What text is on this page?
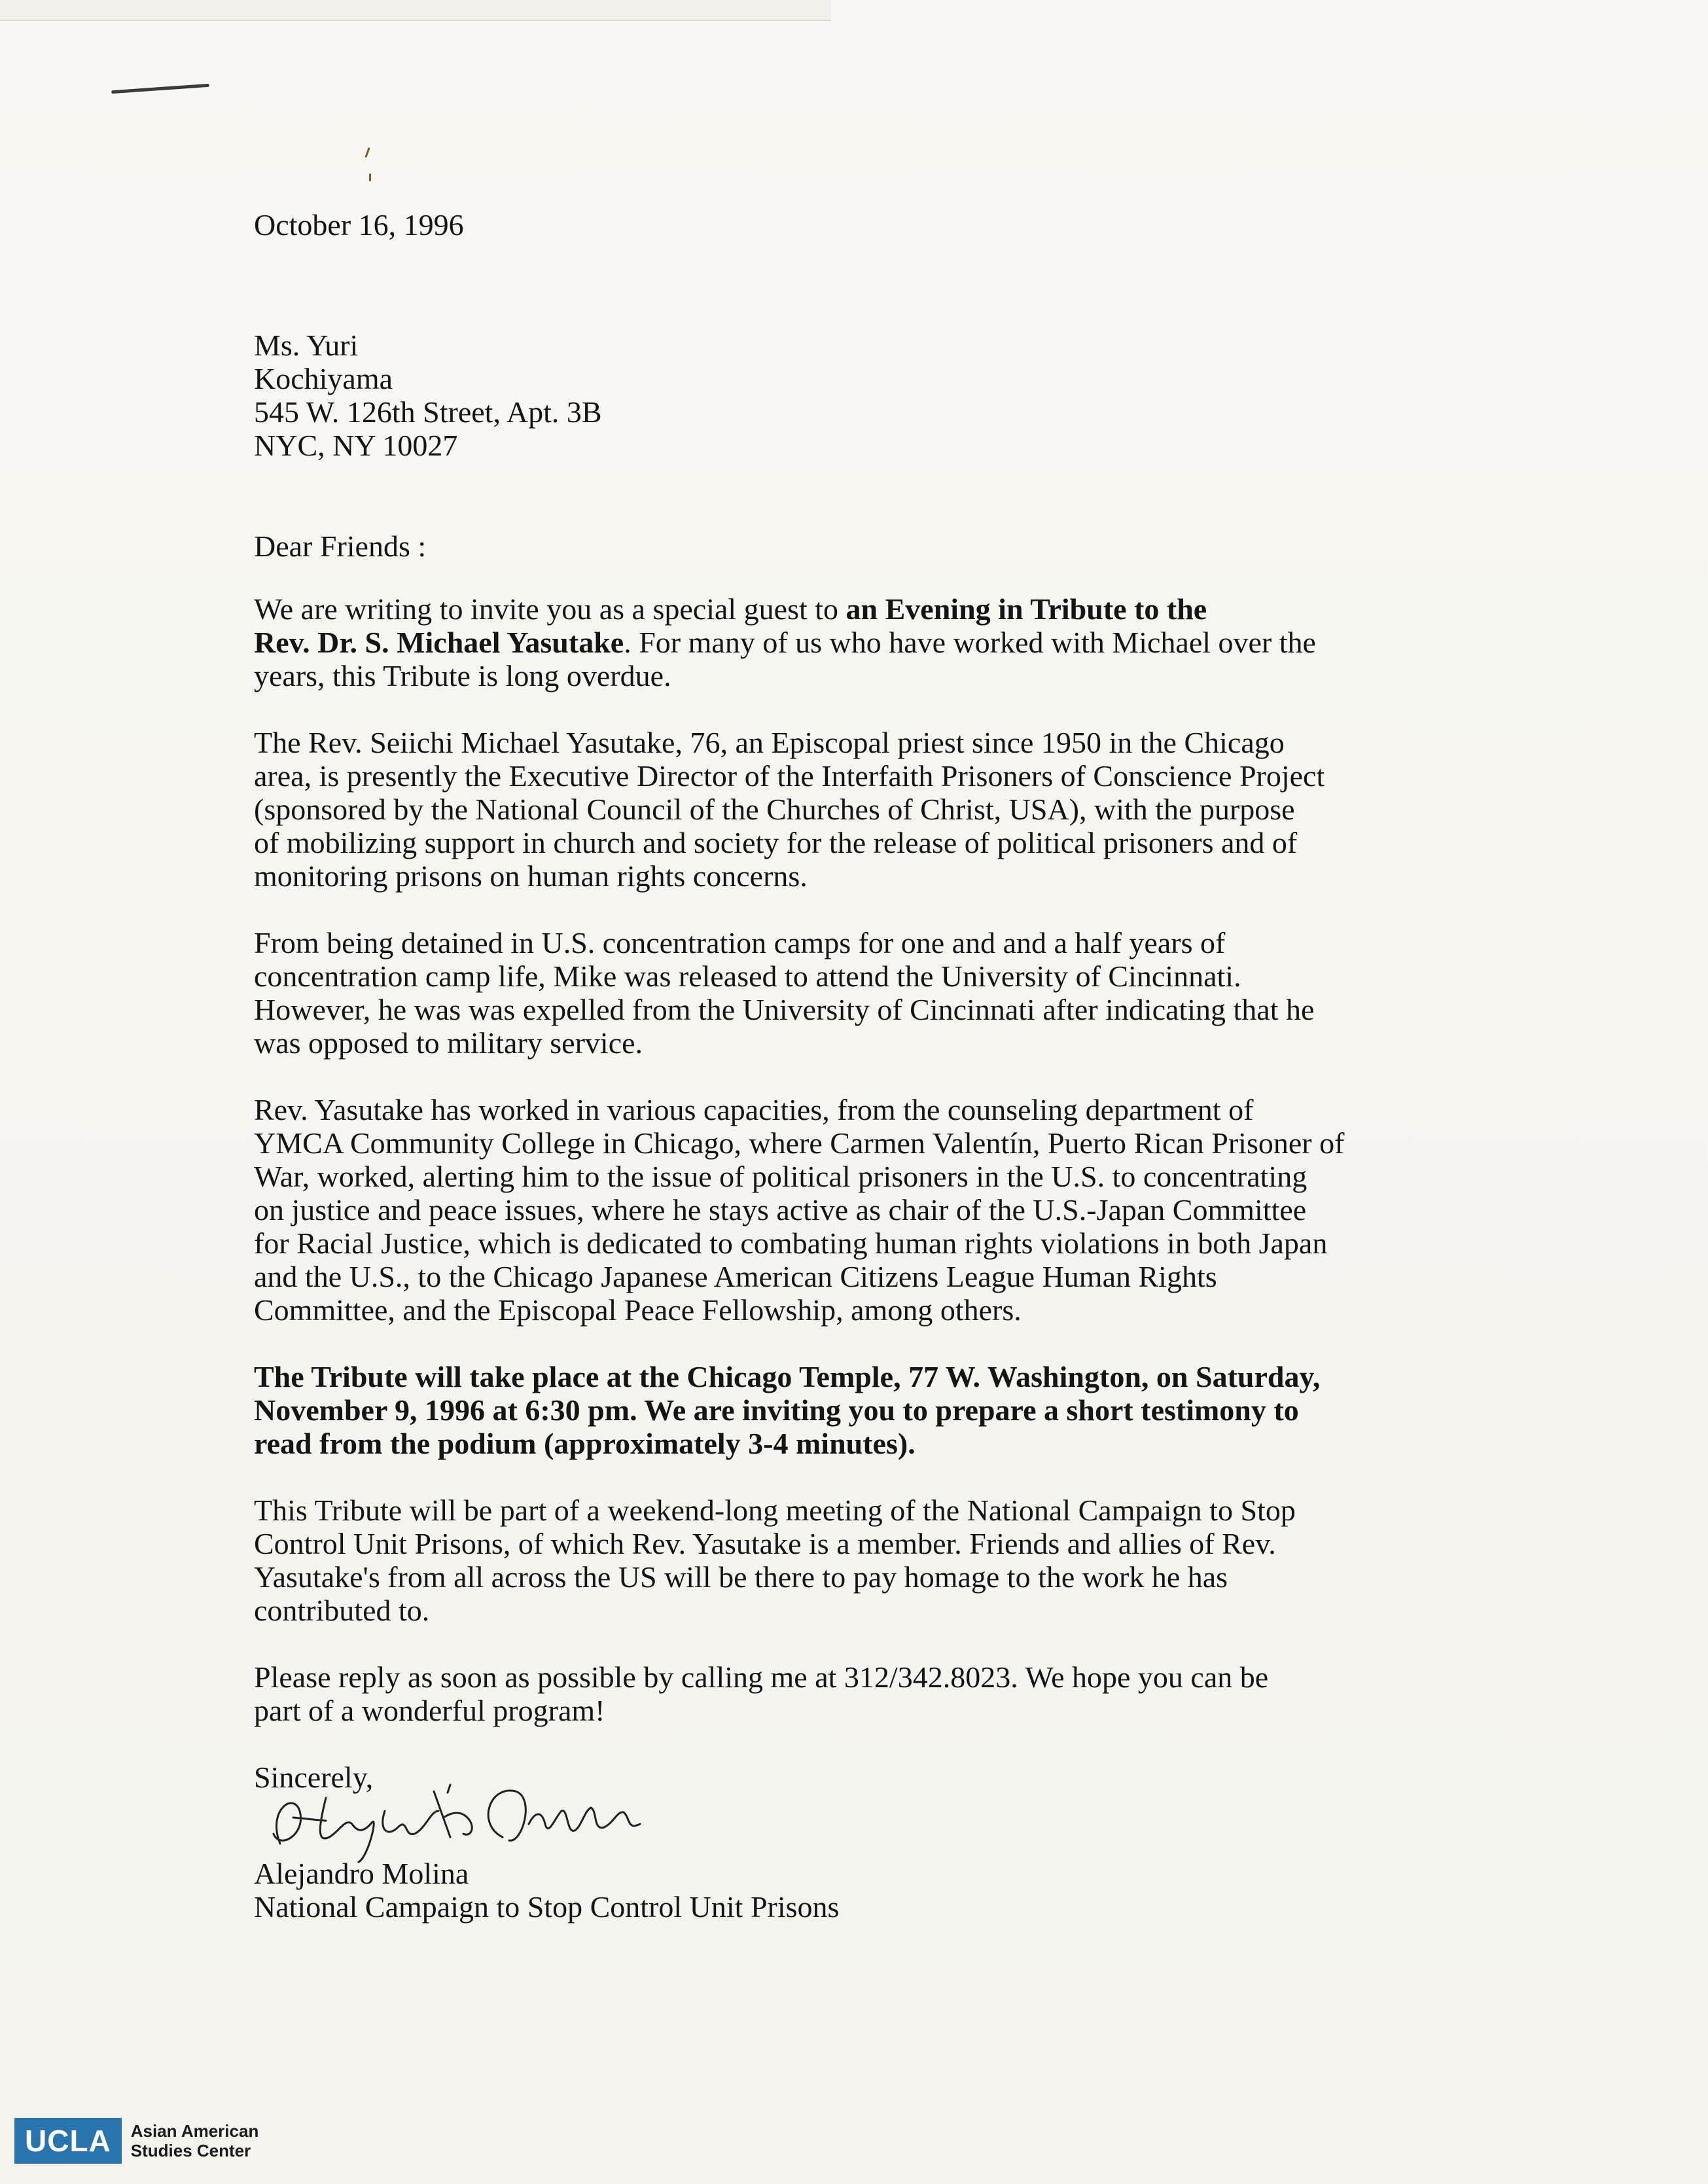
October 16, 1996
Ms. Yuri
Kochiyama
545 W. 126th Street, Apt. 3B
NYC, NY 10027
Dear Friends :
We are writing to invite you as a special guest to an Evening in Tribute to the
Rev. Dr. S. Michael Yasutake. For many of us who have worked with Michael over the
years, this Tribute is long overdue.
The Rev. Seiichi Michael Yasutake, 76, an Episcopal priest since 1950 in the Chicago
area, is presently the Executive Director of the Interfaith Prisoners of Conscience Project
(sponsored by the National Council of the Churches of Christ, USA), with the purpose
of mobilizing support in church and society for the release of political prisoners and of
monitoring prisons on human rights concerns.
From being detained in U.S. concentration camps for one and and a half years of
concentration camp life, Mike was released to attend the University of Cincinnati.
However, he was was expelled from the University of Cincinnati after indicating that he
was opposed to military service.
Rev. Yasutake has worked in various capacities, from the counseling department of
YMCA Community College in Chicago, where Carmen Valentín, Puerto Rican Prisoner of
War, worked, alerting him to the issue of political prisoners in the U.S. to concentrating
on justice and peace issues, where he stays active as chair of the U.S.-Japan Committee
for Racial Justice, which is dedicated to combating human rights violations in both Japan
and the U.S., to the Chicago Japanese American Citizens League Human Rights
Committee, and the Episcopal Peace Fellowship, among others.
The Tribute will take place at the Chicago Temple, 77 W. Washington, on Saturday,
November 9, 1996 at 6:30 pm. We are inviting you to prepare a short testimony to
read from the podium (approximately 3-4 minutes).
This Tribute will be part of a weekend-long meeting of the National Campaign to Stop
Control Unit Prisons, of which Rev. Yasutake is a member. Friends and allies of Rev.
Yasutake's from all across the US will be there to pay homage to the work he has
contributed to.
Please reply as soon as possible by calling me at 312/342.8023. We hope you can be
part of a wonderful program!
Sincerely,
Alejandro Molina
National Campaign to Stop Control Unit Prisons
UCLA	Asian American
Studies Center
